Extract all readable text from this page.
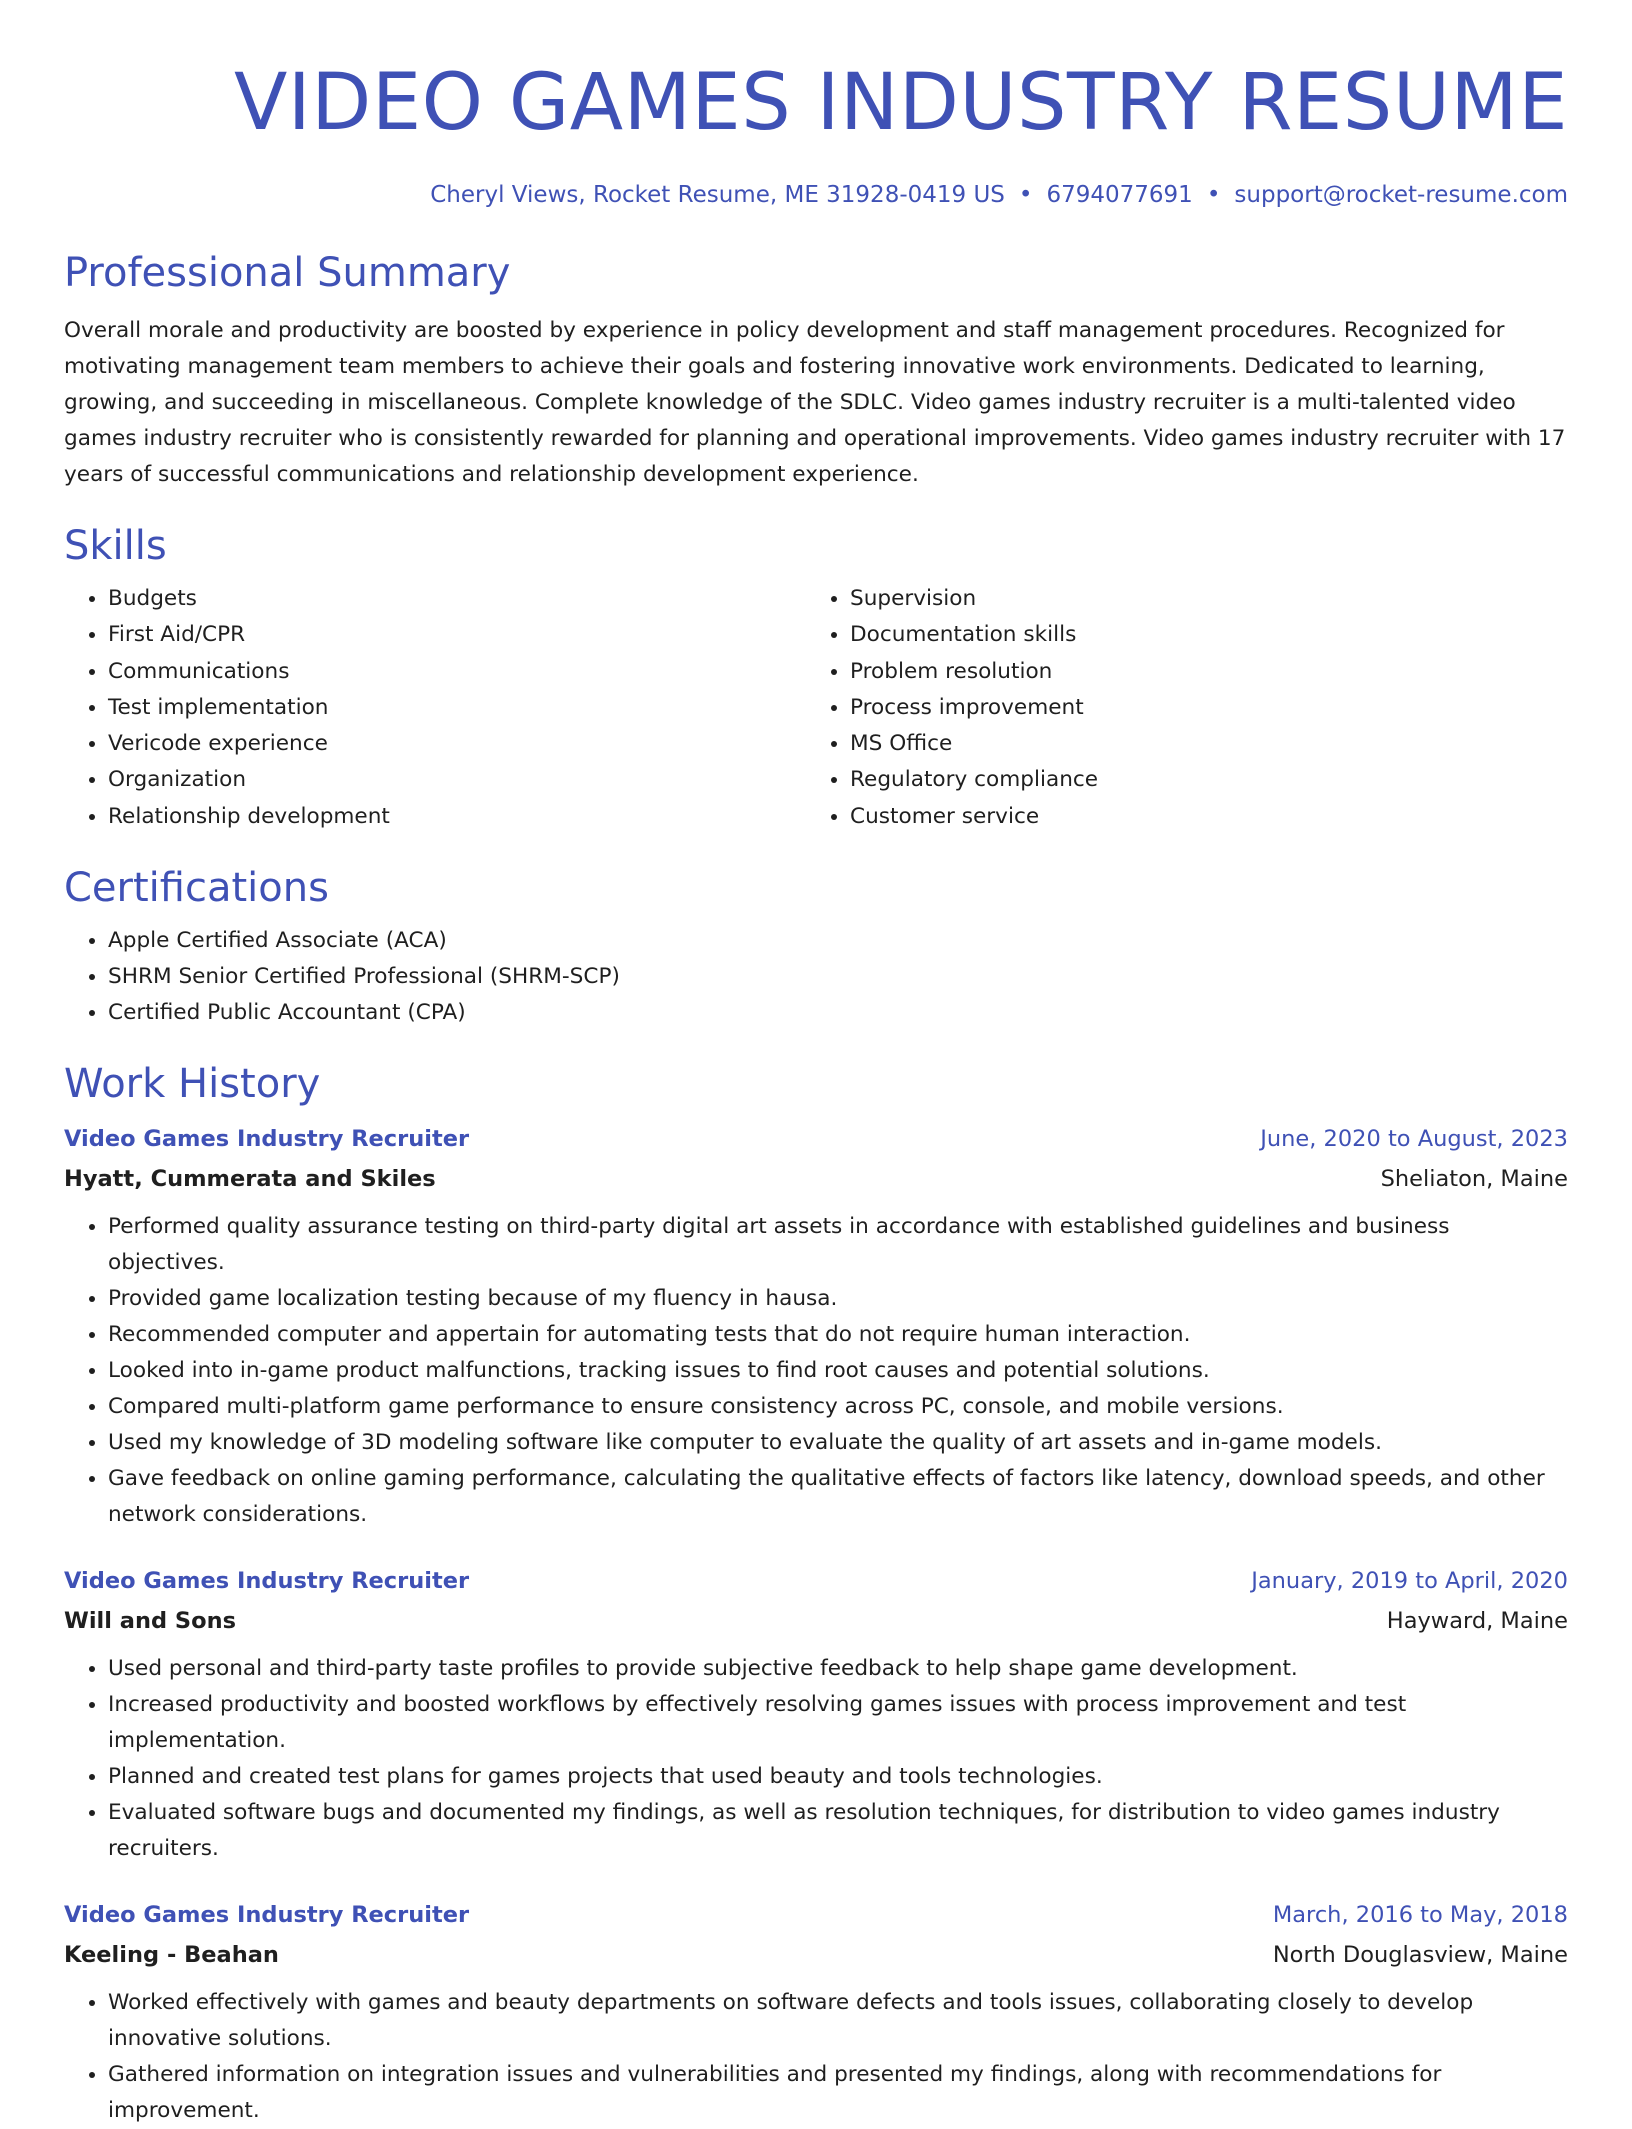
VIDEO GAMES INDUSTRY RESUME
Cheryl Views, Rocket Resume, ME 31928-0419 US • 6794077691 • support@rocket-resume.com
Professional Summary

Overall morale and productivity are boosted by experience in policy development and staff management procedures. Recognized for motivating management team members to achieve their goals and fostering innovative work environments. Dedicated to learning, growing, and succeeding in miscellaneous. Complete knowledge of the SDLC. Video games industry recruiter is a multi-talented video games industry recruiter who is consistently rewarded for planning and operational improvements. Video games industry recruiter with 17 years of successful communications and relationship development experience.

Skills
• Budgets
• First Aid/CPR
• Communications
• Test implementation
• Vericode experience
• Organization
• Relationship development
• Supervision
• Documentation skills
• Problem resolution
• Process improvement
• MS Office
• Regulatory compliance
• Customer service
Certifications
• Apple Certified Associate (ACA)
• SHRM Senior Certified Professional (SHRM-SCP)
• Certified Public Accountant (CPA)
Work History
Video Games Industry Recruiter	June, 2020 to August, 2023
Hyatt, Cummerata and Skiles	Sheliaton, Maine
• Performed quality assurance testing on third-party digital art assets in accordance with established guidelines and business objectives.
• Provided game localization testing because of my fluency in hausa.
• Recommended computer and appertain for automating tests that do not require human interaction.
• Looked into in-game product malfunctions, tracking issues to find root causes and potential solutions.
• Compared multi-platform game performance to ensure consistency across PC, console, and mobile versions.
• Used my knowledge of 3D modeling software like computer to evaluate the quality of art assets and in-game models.
• Gave feedback on online gaming performance, calculating the qualitative effects of factors like latency, download speeds, and other network considerations.
Video Games Industry Recruiter	January, 2019 to April, 2020
Will and Sons	Hayward, Maine
• Used personal and third-party taste profiles to provide subjective feedback to help shape game development.
• Increased productivity and boosted workflows by effectively resolving games issues with process improvement and test implementation.
• Planned and created test plans for games projects that used beauty and tools technologies.
• Evaluated software bugs and documented my findings, as well as resolution techniques, for distribution to video games industry recruiters.
Video Games Industry Recruiter	March, 2016 to May, 2018
Keeling - Beahan	North Douglasview, Maine
• Worked effectively with games and beauty departments on software defects and tools issues, collaborating closely to develop innovative solutions.
• Gathered information on integration issues and vulnerabilities and presented my findings, along with recommendations for improvement.
